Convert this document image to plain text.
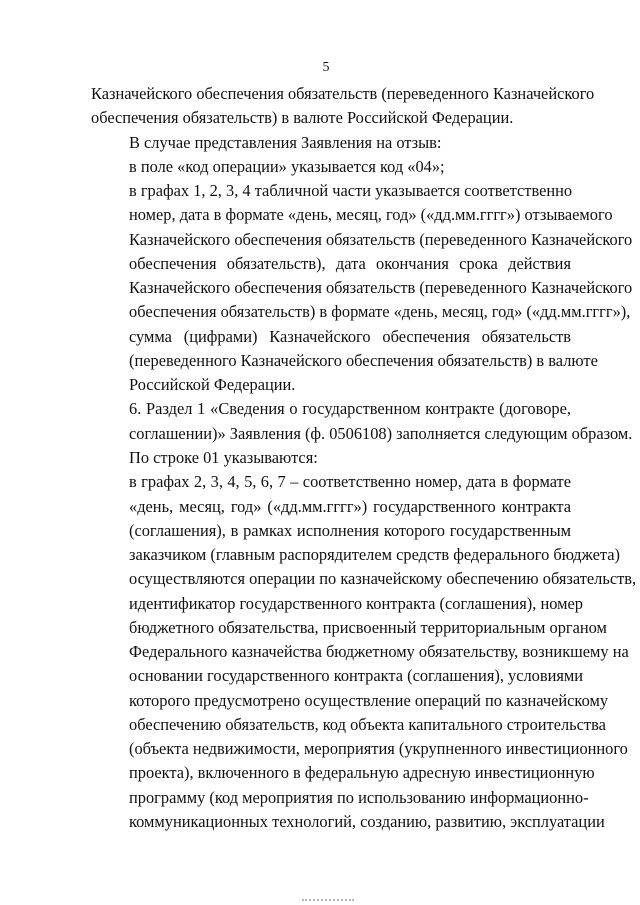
5
Казначейского обеспечения обязательств (переведенного Казначейского
обеспечения обязательств) в валюте Российской Федерации.
В случае представления Заявления на отзыв:
в поле «код операции» указывается код «04»;
в графах 1, 2, 3, 4 табличной части указывается соответственно
номер, дата в формате «день, месяц, год» («дд.мм.гггг») отзываемого
Казначейского обеспечения обязательств (переведенного Казначейского
обеспечения обязательств), дата окончания срока действия
Казначейского обеспечения обязательств (переведенного Казначейского
обеспечения обязательств) в формате «день, месяц, год» («дд.мм.гггг»),
сумма (цифрами) Казначейского обеспечения обязательств
(переведенного Казначейского обеспечения обязательств) в валюте
Российской Федерации.
6. Раздел 1 «Сведения о государственном контракте (договоре,
соглашении)» Заявления (ф. 0506108) заполняется следующим образом.
По строке 01 указываются:
в графах 2, 3, 4, 5, 6, 7 – соответственно номер, дата в формате
«день, месяц, год» («дд.мм.гггг») государственного контракта
(соглашения), в рамках исполнения которого государственным
заказчиком (главным распорядителем средств федерального бюджета)
осуществляются операции по казначейскому обеспечению обязательств,
идентификатор государственного контракта (соглашения), номер
бюджетного обязательства, присвоенный территориальным органом
Федерального казначейства бюджетному обязательству, возникшему на
основании государственного контракта (соглашения), условиями
которого предусмотрено осуществление операций по казначейскому
обеспечению обязательств, код объекта капитального строительства
(объекта недвижимости, мероприятия (укрупненного инвестиционного
проекта), включенного в федеральную адресную инвестиционную
программу (код мероприятия по использованию информационно-
коммуникационных технологий, созданию, развитию, эксплуатации
